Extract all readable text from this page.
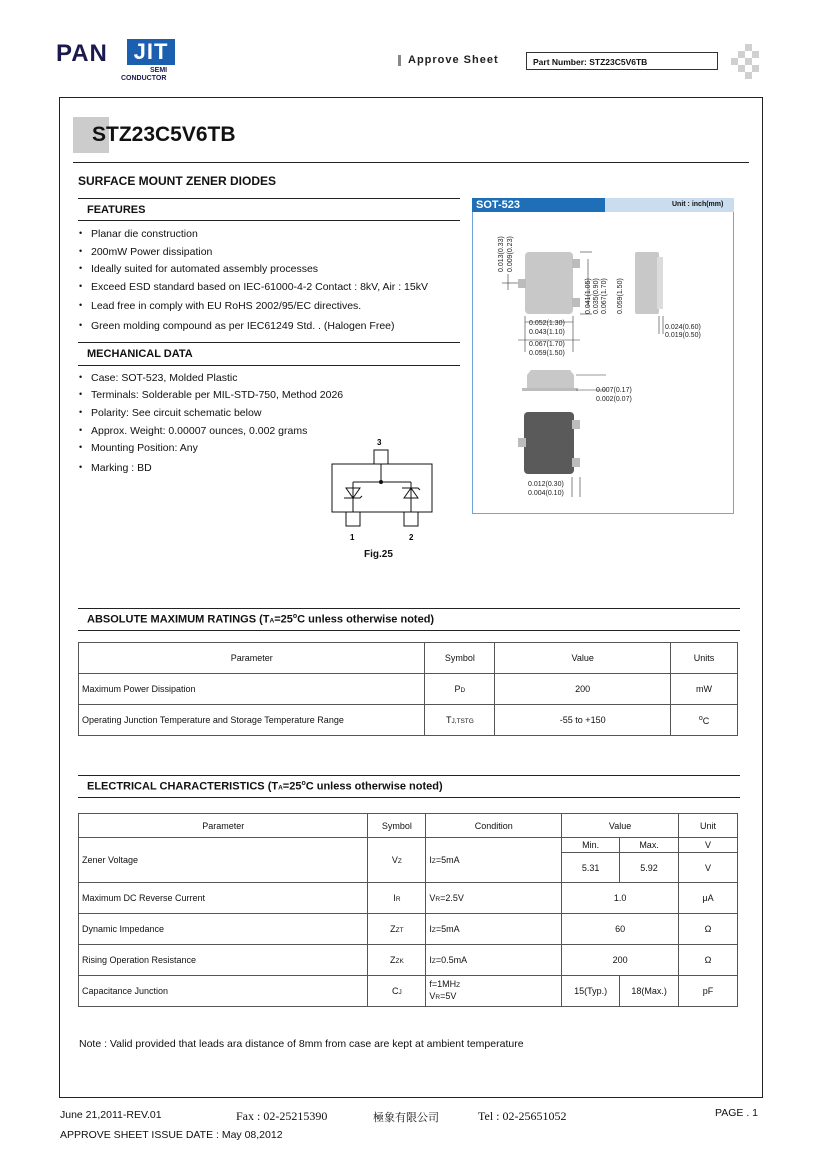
PAN JIT
SEMI
CONDUCTOR
Approve Sheet	Part Number: STZ23C5V6TB
STZ23C5V6TB
SURFACE MOUNT ZENER DIODES
FEATURES
• Planar die construction
• 200mW Power dissipation
• Ideally suited for automated assembly processes
• Exceed ESD standard based on IEC-61000-4-2 Contact : 8kV, Air : 15kV
• Lead free in comply with EU RoHS 2002/95/EC directives.
• Green molding compound as per IEC61249 Std. . (Halogen Free)
MECHANICAL DATA
• Case: SOT-523, Molded Plastic
• Terminals: Solderable per MIL-STD-750, Method 2026
• Polarity: See circuit schematic below
• Approx. Weight: 0.00007 ounces, 0.002 grams
• Mounting Position: Any
• Marking : BD
SOT-523	Unit : inch(mm)
0.013(0.33) 0.009(0.23)
0.041(1.05) 0.035(0.90) 0.067(1.70) 0.059(1.50)
0.052(1.30)
0.043(1.10)
0.067(1.70)
0.059(1.50)
0.024(0.60)
0.019(0.50)
0.007(0.17)
0.002(0.07)
0.012(0.30)
0.004(0.10)
3
1	2
Fig.25
ABSOLUTE MAXIMUM RATINGS ($TA=25^oC$ unless otherwise noted)
Parameter	Symbol	Value	Units
Maximum Power Dissipation	PD	200	mW
Operating Junction Temperature and Storage Temperature Range	TJ,TSTG	-55 to +150	$^o$C
ELECTRICAL CHARACTERISTICS ($TA=25^oC$ unless otherwise noted)
Parameter	Symbol	Condition	Value		Unit
Zener Voltage	VZ	IZ=5mA	Min.	Max.	V
			5.31	5.92	V
Maximum DC Reverse Current	IR	VR=2.5V	1.0		μA
Dynamic Impedance	ZZT	IZ=5mA	60		Ω
Rising Operation Resistance	ZZK	IZ=0.5mA	200		Ω
Capacitance Junction	CJ	f=1MHZ
VR=5V	15(Typ.)	18(Max.)	pF
Note : Valid provided that leads ara distance of 8mm from case are kept at ambient temperature
June 21,2011-REV.01	Fax : 02-25215390	極象有限公司	Tel : 02-25651052	PAGE . 1
APPROVE SHEET ISSUE DATE : May 08,2012
